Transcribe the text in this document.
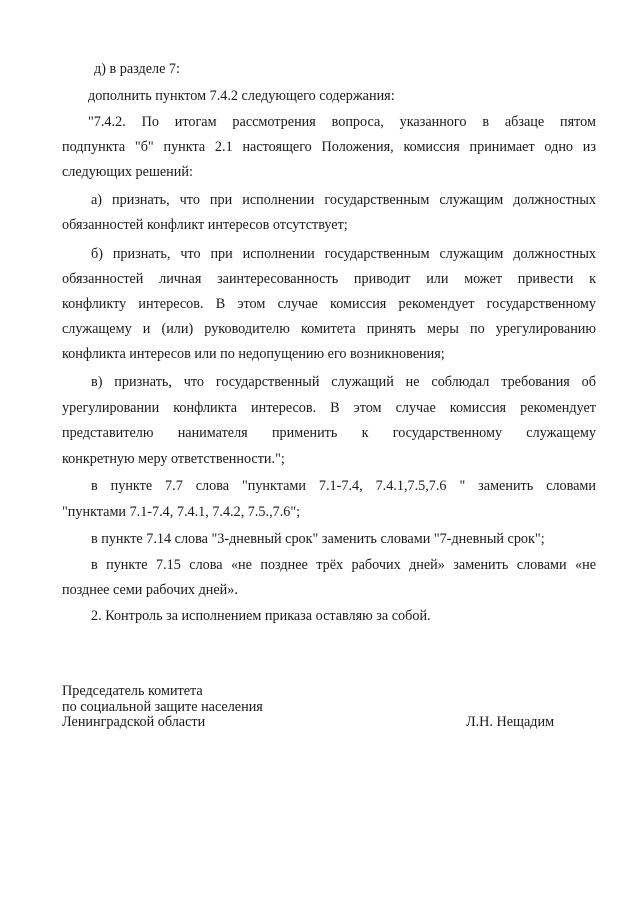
д) в разделе 7:

дополнить пунктом 7.4.2 следующего содержания:

"7.4.2. По итогам рассмотрения вопроса, указанного в абзаце пятом

подпункта "б" пункта 2.1 настоящего Положения, комиссия принимает одно из

следующих решений:

а) признать, что при исполнении государственным служащим должностных

обязанностей конфликт интересов отсутствует;

б) признать, что при исполнении государственным служащим должностных

обязанностей личная заинтересованность приводит или может привести к

конфликту интересов. В этом случае комиссия рекомендует государственному

служащему и (или) руководителю комитета принять меры по урегулированию

конфликта интересов или по недопущению его возникновения;

в) признать, что государственный служащий не соблюдал требования об

урегулировании конфликта интересов. В этом случае комиссия рекомендует

представителю нанимателя применить к государственному служащему

конкретную меру ответственности.";

в пункте 7.7 слова "пунктами 7.1-7.4, 7.4.1,7.5,7.6 " заменить словами

"пунктами 7.1-7.4, 7.4.1, 7.4.2, 7.5.,7.6";

в пункте 7.14 слова "3-дневный срок" заменить словами "7-дневный срок";

в пункте 7.15 слова «не позднее трёх рабочих дней» заменить словами «не

позднее семи рабочих дней».

2. Контроль за исполнением приказа оставляю за собой.

Председатель комитета
по социальной защите населения
Ленинградской области	Л.Н. Нещадим
